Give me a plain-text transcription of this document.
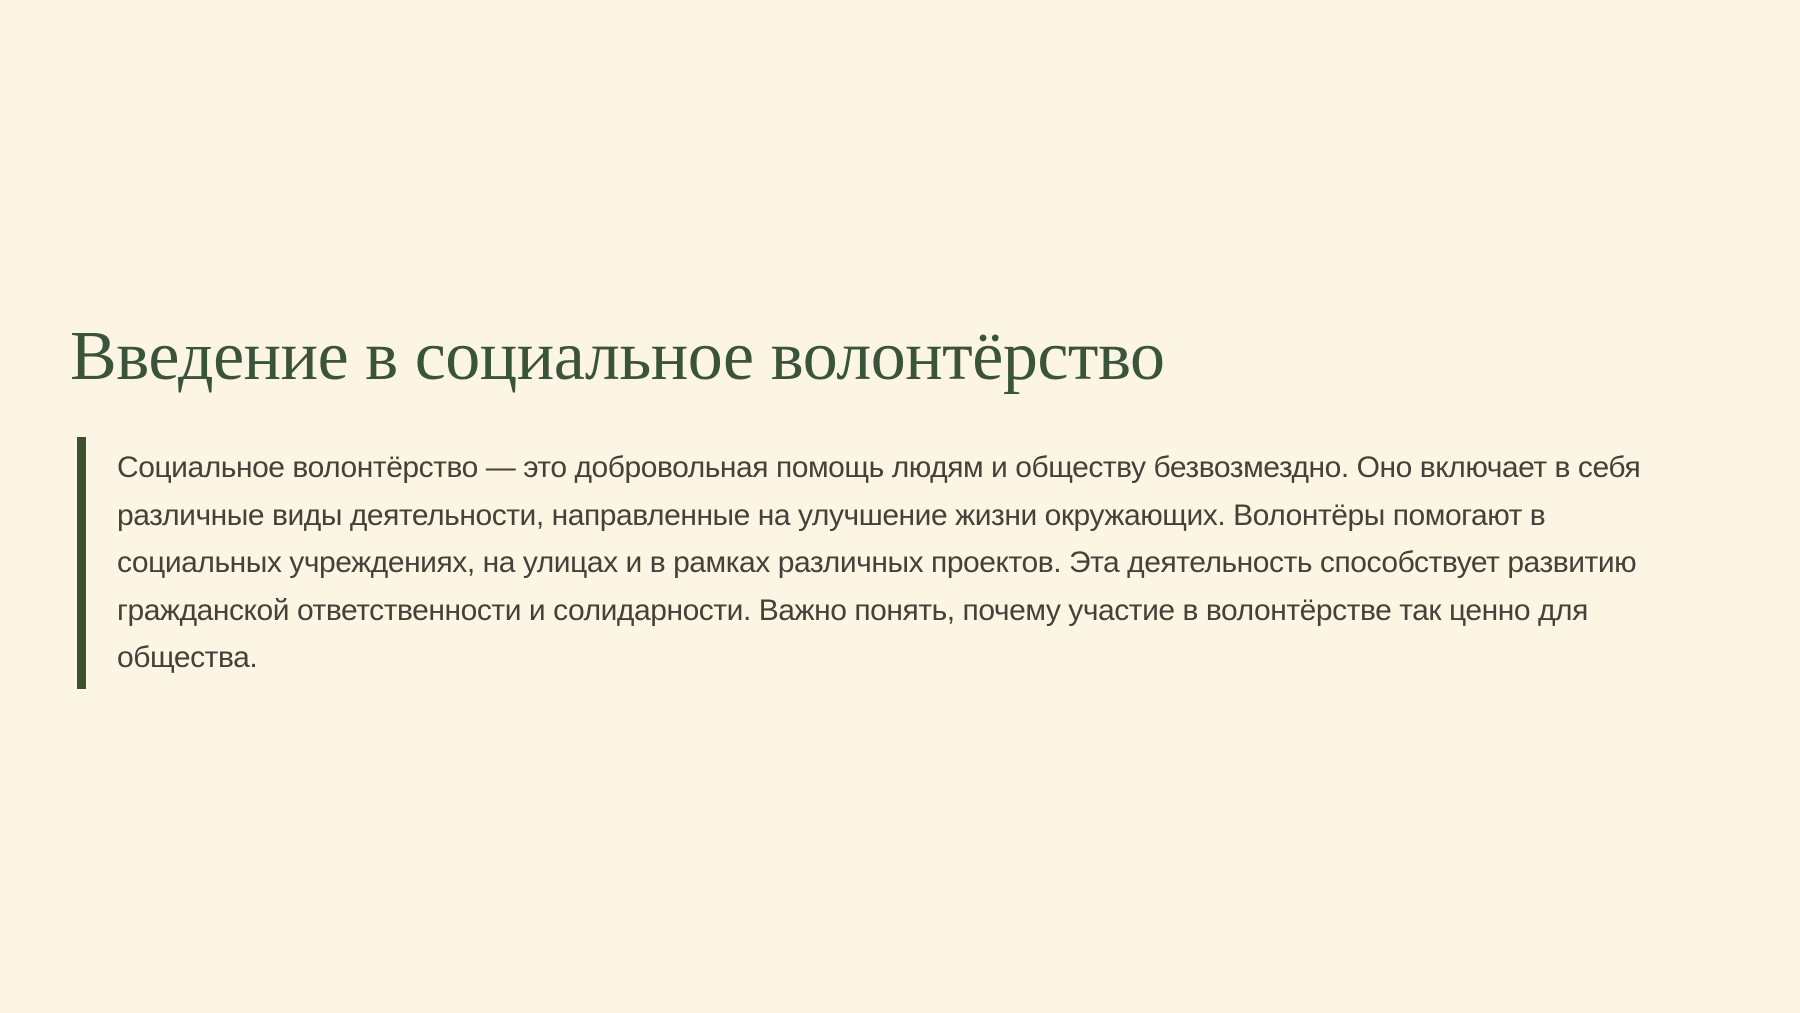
Введение в социальное волонтёрство
Социальное волонтёрство — это добровольная помощь людям и обществу безвозмездно. Оно включает в себя
различные виды деятельности, направленные на улучшение жизни окружающих. Волонтёры помогают в
социальных учреждениях, на улицах и в рамках различных проектов. Эта деятельность способствует развитию
гражданской ответственности и солидарности. Важно понять, почему участие в волонтёрстве так ценно для
общества.
